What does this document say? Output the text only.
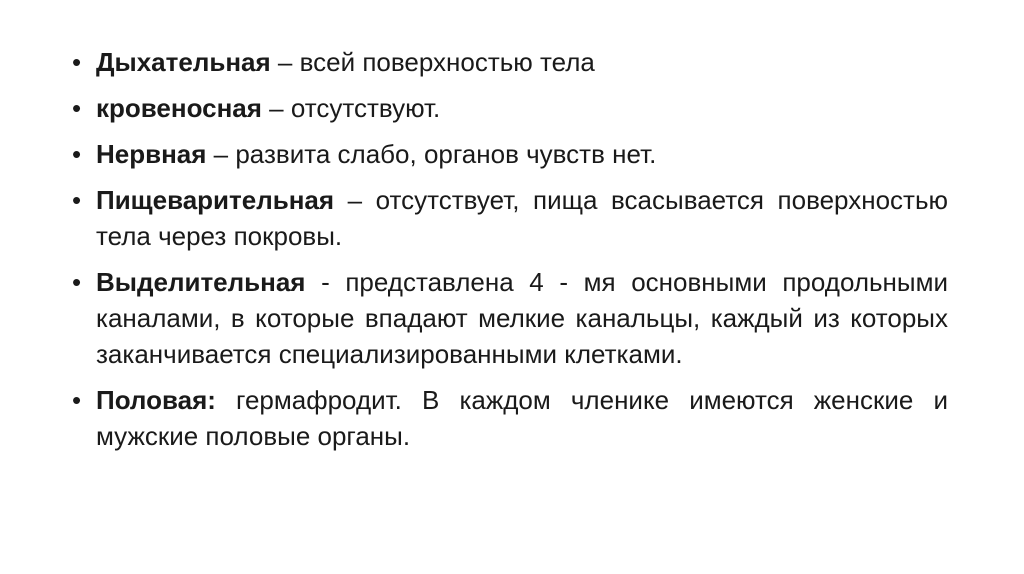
• Дыхательная – всей поверхностью тела
• кровеносная – отсутствуют.
• Нервная – развита слабо, органов чувств нет.
• Пищеварительная – отсутствует, пища всасывается поверхностью тела через покровы.
• Выделительная - представлена 4 - мя основными продольными каналами, в которые впадают мелкие канальцы, каждый из которых заканчивается специализированными клетками.
• Половая: гермафродит. В каждом членике имеются женские и мужские половые органы.
